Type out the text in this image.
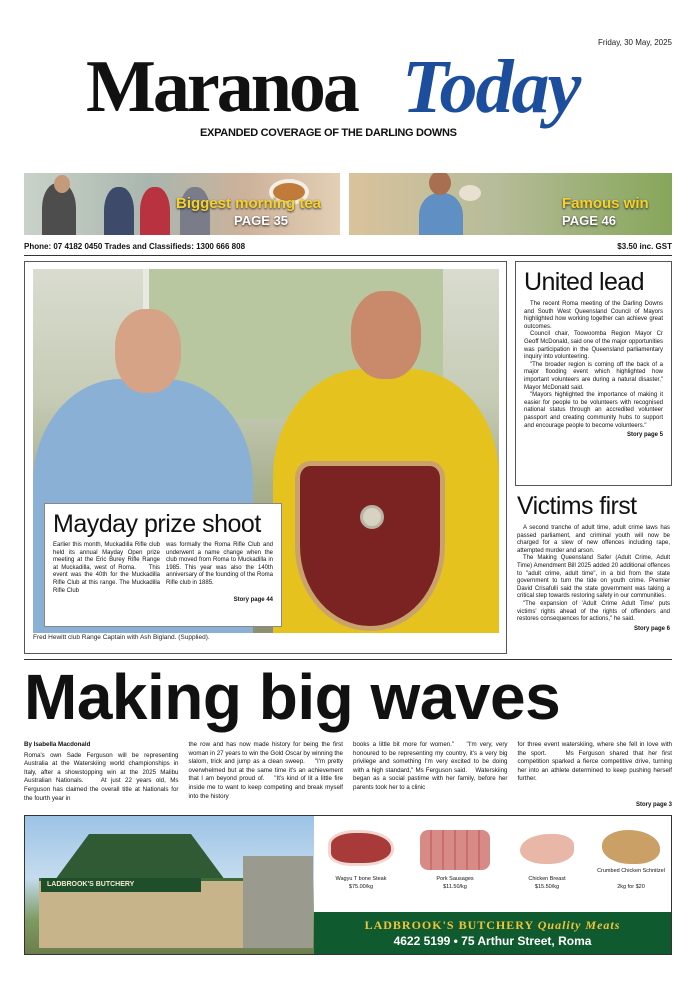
Friday, 30 May, 2025
Maranoa Today
EXPANDED COVERAGE OF THE DARLING DOWNS
Biggest morning tea
PAGE 35
Famous win
PAGE 46
Phone: 07 4182 0450 Trades and Classifieds: 1300 666 808	$3.50 inc. GST
Fred Hewitt club Range Captain with Ash Bigland. (Supplied).
Mayday prize shoot
Earlier this month, Muckadilla Rifle club held its annual Mayday Open prize meeting at the Eric Burey Rifle Range at Muckadilla, west of Roma.    This event was the 40th for the Muckadilla Rifle Club at this range. The Muckadilla Rifle Club
was formally the Roma Rifle Club and underwent a name change when the club moved from Roma to Muckadilla in 1985. This year was also the 140th anniversary of the founding of the Roma Rifle club in 1885.
Story page 44
United lead

The recent Roma meeting of the Darling Downs and South West Queensland Council of Mayors highlighted how working together can achieve great outcomes.

Council chair, Toowoomba Region Mayor Cr Geoff McDonald, said one of the major opportunities was participation in the Queensland parliamentary inquiry into volunteering.

"The broader region is coming off the back of a major flooding event which highlighted how important volunteers are during a natural disaster," Mayor McDonald said.

"Mayors highlighted the importance of making it easier for people to be volunteers with recognised national status through an accredited volunteer passport and creating community hubs to support and encourage people to become volunteers."

Story page 5
Victims first

A second tranche of adult time, adult crime laws has passed parliament, and criminal youth will now be charged for a slew of new offences including rape, attempted murder and arson.

The Making Queensland Safer (Adult Crime, Adult Time) Amendment Bill 2025 added 20 additional offences to "adult crime, adult time", in a bid from the state government to turn the tide on youth crime. Premier David Crisafulli said the state government was taking a critical step towards restoring safety in our communities.

"The expansion of 'Adult Crime Adult Time' puts victims' rights ahead of the rights of offenders and restores consequences for actions," he said.

Story page 6
Making big waves
By Isabella Macdonald
Roma's own Sade Ferguson will be representing Australia at the Waterskiing world championships in Italy, after a showstopping win at the 2025 Malibu Australian Nationals.    At just 22 years old, Ms Ferguson has claimed the overall title at Nationals for the fourth year in
the row and has now made history for being the first woman in 27 years to win the Gold Oscar by winning the slalom, trick and jump as a clean sweep.    "I'm pretty overwhelmed but at the same time it's an achievement that I am beyond proud of.    "It's kind of lit a little fire inside me to want to keep competing and break myself into the history
books a little bit more for women."    "I'm very, very honoured to be representing my country, it's a very big privilege and something I'm very excited to be doing with a high standard," Ms Ferguson said.    Waterskiing began as a social pastime with her family, before her parents took her to a clinic
for three event waterskiing, where she fell in love with the sport.    Ms Ferguson shared that her first competition sparked a fierce competitive drive, turning her into an athlete determined to keep pushing herself further.
Story page 3
LADBROOK'S BUTCHERY
Wagyu T bone Steak
$75.00/kg
Pork Sausages
$11.50/kg
Chicken Breast
$15.50/kg
Crumbed Chicken Schnitzel
2kg for $20
LADBROOK'S BUTCHERY Quality Meats
4622 5199 • 75 Arthur Street, Roma
